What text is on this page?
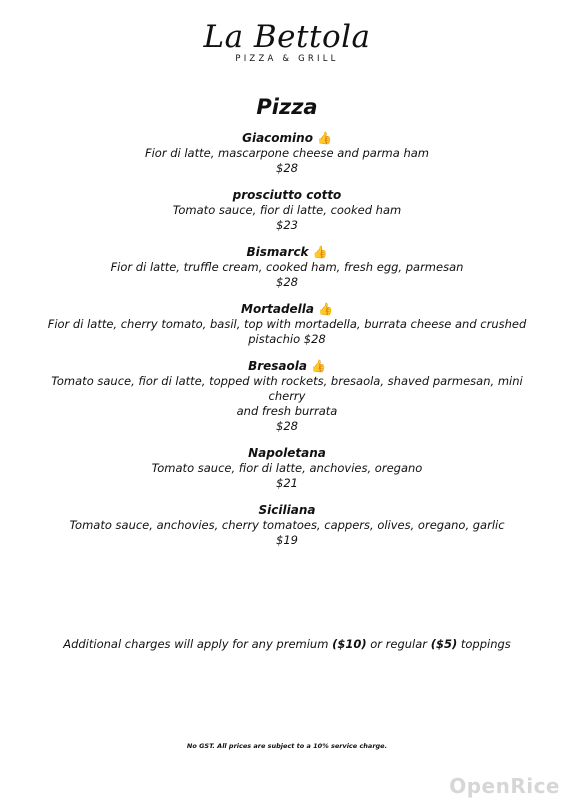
La Bettola
PIZZA & GRILL
Pizza
Giacomino 👍
Fior di latte, mascarpone cheese and parma ham
$28
prosciutto cotto
Tomato sauce, fior di latte, cooked ham
$23
Bismarck 👍
Fior di latte, truffle cream, cooked ham, fresh egg, parmesan
$28
Mortadella 👍
Fior di latte, cherry tomato, basil, top with mortadella, burrata cheese and crushed
pistachio $28
Bresaola 👍
Tomato sauce, fior di latte, topped with rockets, bresaola, shaved parmesan, mini cherry
and fresh burrata
$28
Napoletana
Tomato sauce, fior di latte, anchovies, oregano
$21
Siciliana
Tomato sauce, anchovies, cherry tomatoes, cappers, olives, oregano, garlic
$19
Additional charges will apply for any premium ($10) or regular ($5) toppings
No GST. All prices are subject to a 10% service charge.
OpenRice
